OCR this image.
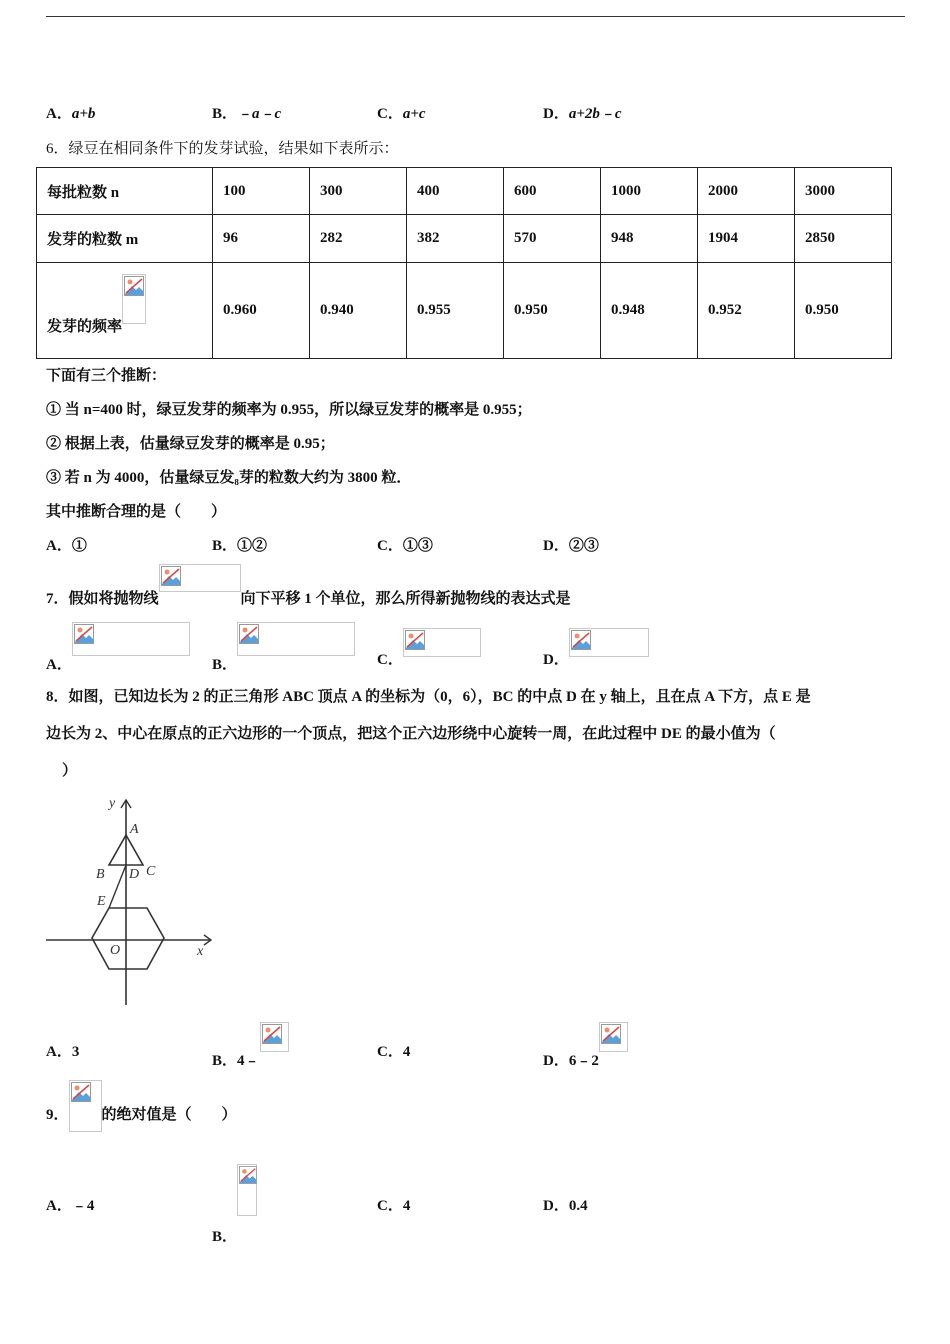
A．a+b	B．﹣a﹣c	C．a+c	D．a+2b﹣c
6．绿豆在相同条件下的发芽试验，结果如下表所示：
每批粒数 n	100	300	400	600	1000	2000	3000
发芽的粒数 m	96	282	382	570	948	1904	2850
发芽的频率	0.960	0.940	0.955	0.950	0.948	0.952	0.950
下面有三个推断：
① 当 n=400 时，绿豆发芽的频率为 0.955，所以绿豆发芽的概率是 0.955；
② 根据上表，估量绿豆发芽的概率是 0.95；
③ 若 n 为 4000，估量绿豆发₈芽的粒数大约为 3800 粒．
其中推断合理的是（　　）
A．①	B．①②	C．①③	D．②③
7．假如将抛物线	向下平移 1 个单位，那么所得新抛物线的表达式是
A．	B．	C．	D．
8．如图，已知边长为 2 的正三角形 ABC 顶点 A 的坐标为（0，6），BC 的中点 D 在 y 轴上，且在点 A 下方，点 E 是
边长为 2、中心在原点的正六边形的一个顶点，把这个正六边形绕中心旋转一周，在此过程中 DE 的最小值为（
）
y
A
B D C
E
O	x
A．3
B．4﹣
C．4
D．6﹣2
9． 的绝对值是（　　）
A．﹣4
B．
C．4	D．0.4
